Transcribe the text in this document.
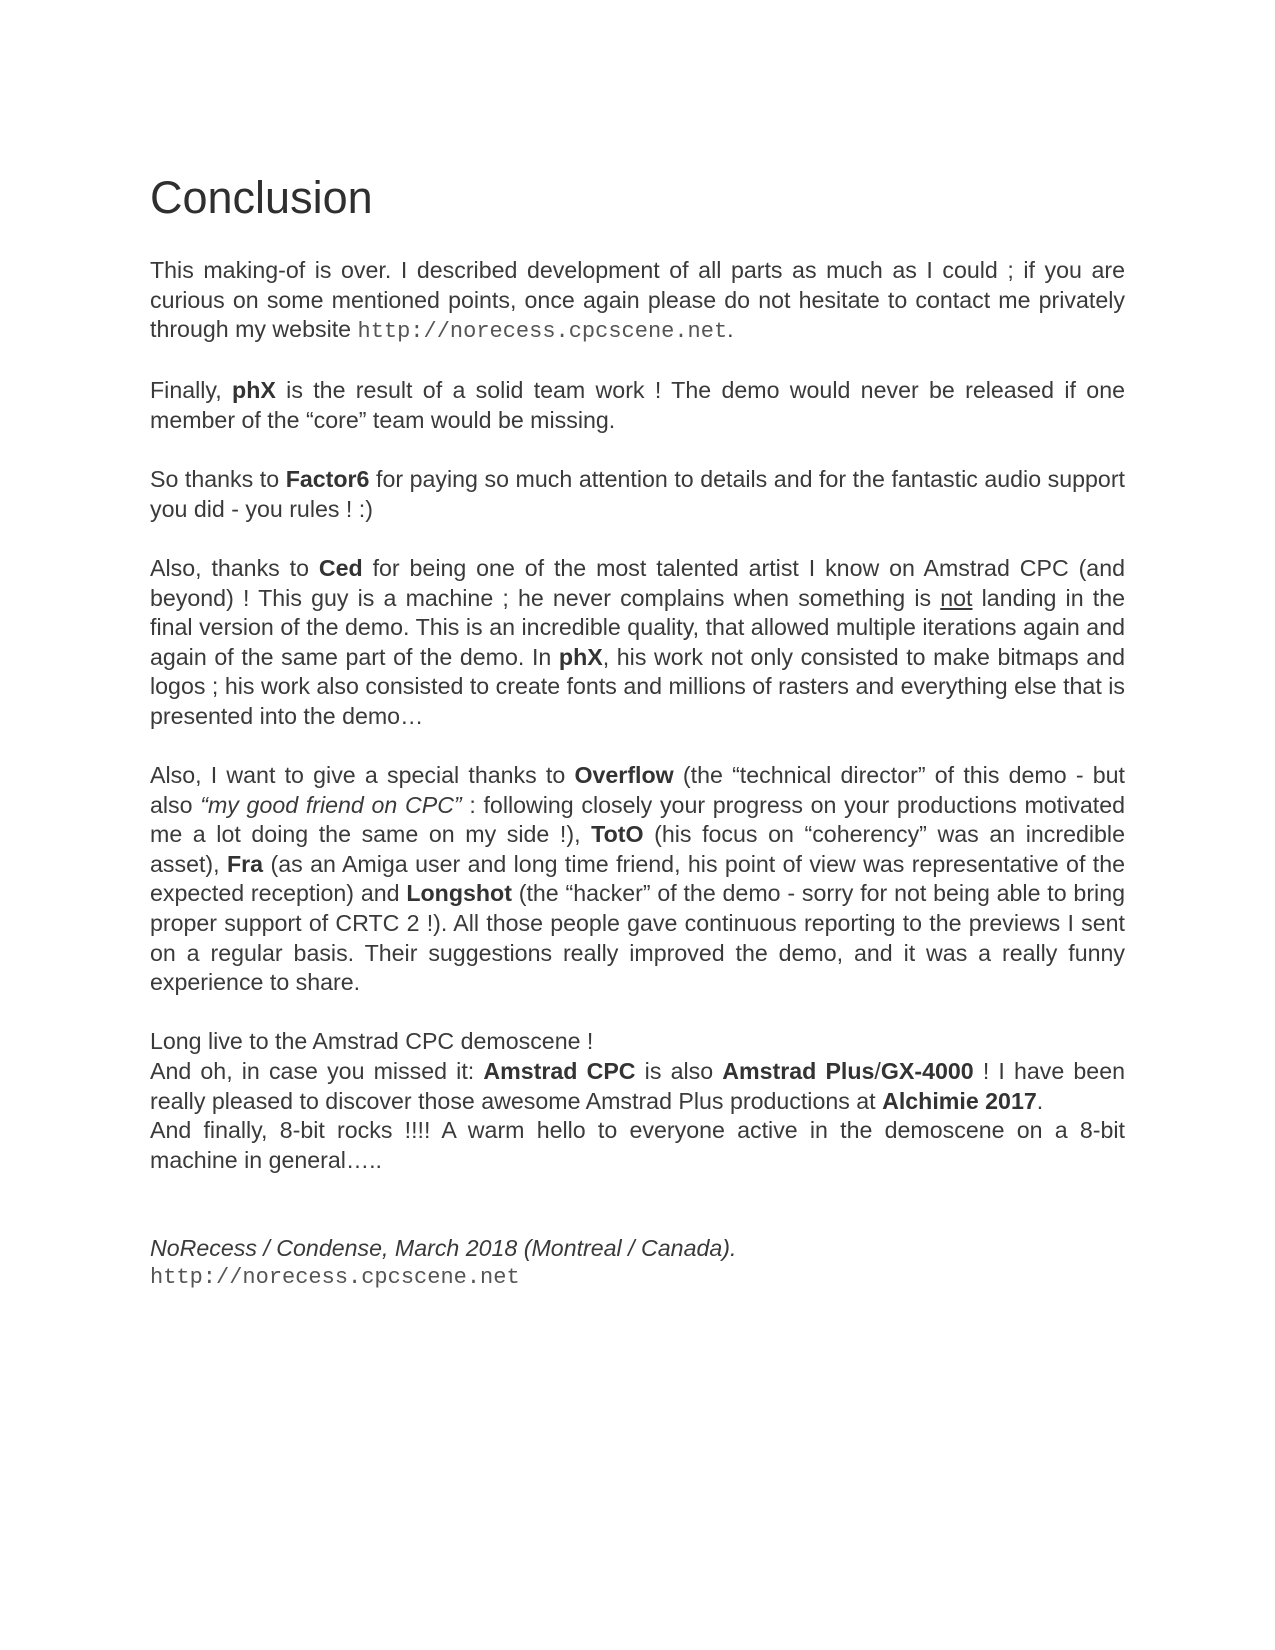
Conclusion

This making-of is over. I described development of all parts as much as I could ; if you are curious on some mentioned points, once again please do not hesitate to contact me privately through my website http://norecess.cpcscene.net.

Finally, phX is the result of a solid team work ! The demo would never be released if one member of the “core” team would be missing.

So thanks to Factor6 for paying so much attention to details and for the fantastic audio support you did - you rules ! :)

Also, thanks to Ced for being one of the most talented artist I know on Amstrad CPC (and beyond) ! This guy is a machine ; he never complains when something is not landing in the final version of the demo. This is an incredible quality, that allowed multiple iterations again and again of the same part of the demo. In phX, his work not only consisted to make bitmaps and logos ; his work also consisted to create fonts and millions of rasters and everything else that is presented into the demo…

Also, I want to give a special thanks to Overflow (the “technical director” of this demo - but also “my good friend on CPC” : following closely your progress on your productions motivated me a lot doing the same on my side !), TotO (his focus on “coherency” was an incredible asset), Fra (as an Amiga user and long time friend, his point of view was representative of the expected reception) and Longshot (the “hacker” of the demo - sorry for not being able to bring proper support of CRTC 2 !). All those people gave continuous reporting to the previews I sent on a regular basis. Their suggestions really improved the demo, and it was a really funny experience to share.

Long live to the Amstrad CPC demoscene !

And oh, in case you missed it: Amstrad CPC is also Amstrad Plus/GX-4000 ! I have been really pleased to discover those awesome Amstrad Plus productions at Alchimie 2017.

And finally, 8-bit rocks !!!! A warm hello to everyone active in the demoscene on a 8-bit machine in general…..

NoRecess / Condense, March 2018 (Montreal / Canada).
http://norecess.cpcscene.net
